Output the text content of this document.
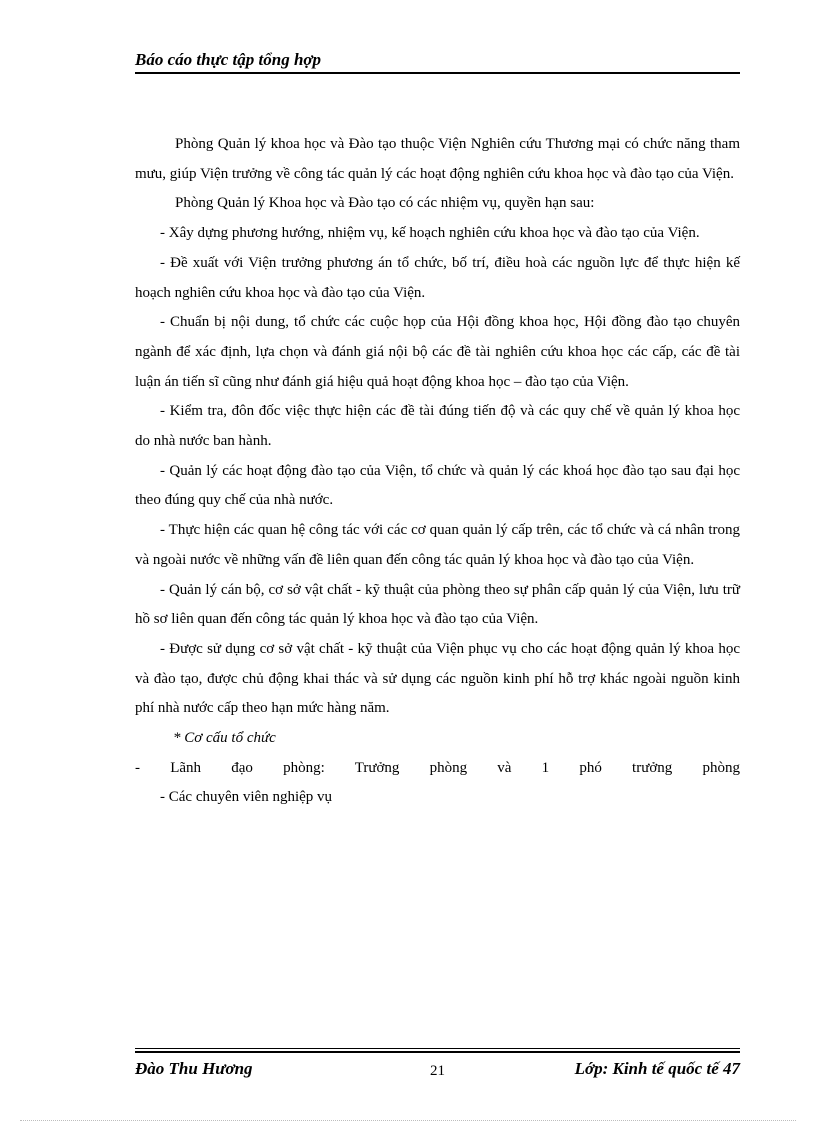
Báo cáo thực tập tổng hợp

Phòng Quản lý khoa học và Đào tạo thuộc Viện Nghiên cứu Thương mại có chức năng tham mưu, giúp Viện trưởng về công tác quản lý các hoạt động nghiên cứu khoa học và đào tạo của Viện.

Phòng Quản lý Khoa học và Đào tạo có các nhiệm vụ, quyền hạn sau:

- Xây dựng phương hướng, nhiệm vụ, kế hoạch nghiên cứu khoa học và đào tạo của Viện.

- Đề xuất với Viện trưởng phương án tổ chức, bố trí, điều hoà các nguồn lực để thực hiện kế hoạch nghiên cứu khoa học và đào tạo của Viện.

- Chuẩn bị nội dung, tổ chức các cuộc họp của Hội đồng khoa học, Hội đồng đào tạo chuyên ngành để xác định, lựa chọn và đánh giá nội bộ các đề tài nghiên cứu khoa học các cấp, các đề tài luận án tiến sĩ cũng như đánh giá hiệu quả hoạt động khoa học – đào tạo của Viện.

- Kiểm tra, đôn đốc việc thực hiện các đề tài đúng tiến độ và các quy chế về quản lý khoa học do nhà nước ban hành.

- Quản lý các hoạt động đào tạo của Viện, tổ chức và quản lý các khoá học đào tạo sau đại học theo đúng quy chế của nhà nước.

- Thực hiện các quan hệ công tác với các cơ quan quản lý cấp trên, các tổ chức và cá nhân trong và ngoài nước về những vấn đề liên quan đến công tác quản lý khoa học và đào tạo của Viện.

- Quản lý cán bộ, cơ sở vật chất - kỹ thuật của phòng theo sự phân cấp quản lý của Viện, lưu trữ hồ sơ liên quan đến công tác quản lý khoa học và đào tạo của Viện.

- Được sử dụng cơ sở vật chất - kỹ thuật của Viện phục vụ cho các hoạt động quản lý khoa học và đào tạo, được chủ động khai thác và sử dụng các nguồn kinh phí hỗ trợ khác ngoài nguồn kinh phí nhà nước cấp theo hạn mức hàng năm.

* Cơ cấu tổ chức

- Lãnh đạo phòng: Trưởng phòng và 1 phó trưởng phòng

- Các chuyên viên nghiệp vụ

Đào Thu Hương	21	Lớp: Kinh tế quốc tế 47
